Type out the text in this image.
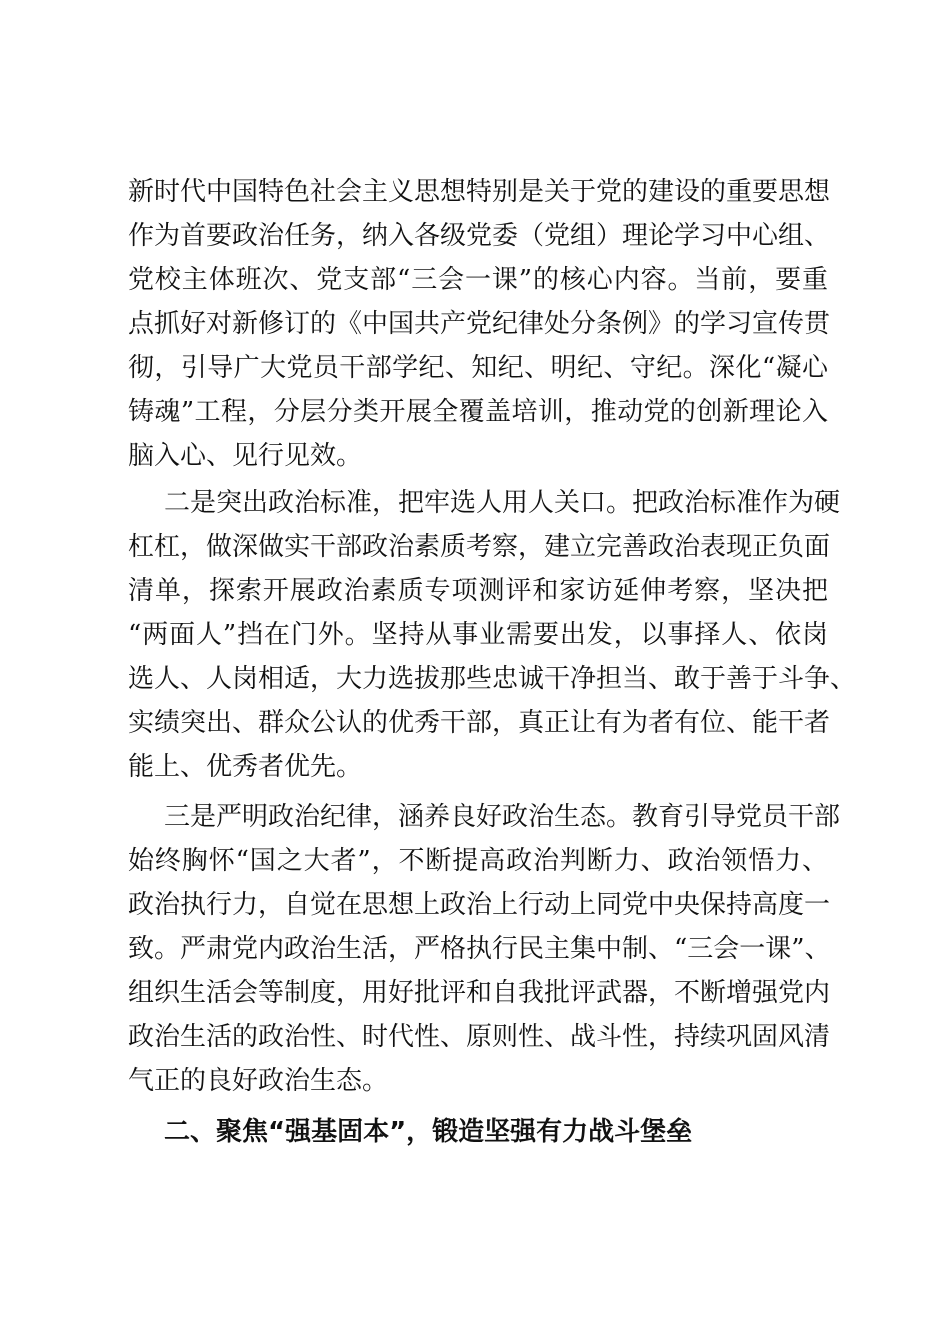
新时代中国特色社会主义思想特别是关于党的建设的重要思想
作为首要政治任务，纳入各级党委（党组）理论学习中心组、
党校主体班次、党支部“三会一课”的核心内容。当前，要重
点抓好对新修订的《中国共产党纪律处分条例》的学习宣传贯
彻，引导广大党员干部学纪、知纪、明纪、守纪。深化“凝心
铸魂”工程，分层分类开展全覆盖培训，推动党的创新理论入
脑入心、见行见效。
二是突出政治标准，把牢选人用人关口。把政治标准作为硬
杠杠，做深做实干部政治素质考察，建立完善政治表现正负面
清单，探索开展政治素质专项测评和家访延伸考察，坚决把
“两面人”挡在门外。坚持从事业需要出发，以事择人、依岗
选人、人岗相适，大力选拔那些忠诚干净担当、敢于善于斗争、
实绩突出、群众公认的优秀干部，真正让有为者有位、能干者
能上、优秀者优先。
三是严明政治纪律，涵养良好政治生态。教育引导党员干部
始终胸怀“国之大者”，不断提高政治判断力、政治领悟力、
政治执行力，自觉在思想上政治上行动上同党中央保持高度一
致。严肃党内政治生活，严格执行民主集中制、“三会一课”、
组织生活会等制度，用好批评和自我批评武器，不断增强党内
政治生活的政治性、时代性、原则性、战斗性，持续巩固风清
气正的良好政治生态。
二、聚焦“强基固本”，锻造坚强有力战斗堡垒
